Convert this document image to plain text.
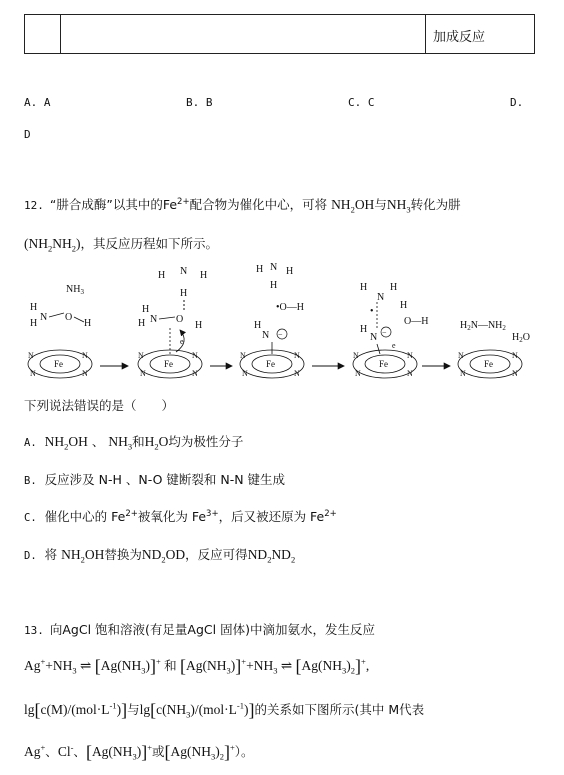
加成反应
A. A	B. B	C. C	D.
D
12. “肼合成酶”以其中的$Fe^{2+}$配合物为催化中心，可将 $NH_2OH$与$NH_3$转化为肼
$(NH_2NH_2)$，其反应历程如下所示。
$NH_3$
H
H
N O
H
H N H
H
H
H N O
H
e
H N H
H
•O—H
H
N −
H
N
H
•
H
N −
e
H
O—H	$H_2N—NH_2$
$H_2O$
Fe
N	N
N	N
Fe
N	N
N	N
Fe
N	N
N	N
Fe
N	N
N	N
Fe
N	N
N	N
下列说法错误的是（　　）
A. $NH_2OH$ 、 $NH_3$和$H_2O$均为极性分子
B. 反应涉及 N-H 、N-O 键断裂和 N-N 键生成
C. 催化中心的 $Fe^{2+}$被氧化为 $Fe^{3+}$，后又被还原为 $Fe^{2+}$
D. 将 $NH_2OH$替换为$ND_2OD$，反应可得$ND_2ND_2$
13. 向AgCl 饱和溶液(有足量AgCl 固体)中滴加氨水，发生反应
$Ag^++NH_3$ ⇌ $[Ag(NH_3)]^+$ 和 $[Ag(NH_3)]^++NH_3$ ⇌ $[Ag(NH_3)_2]^+$,
$\lg[c(M)/(mol\cdot L^{-1})]$与$\lg[c(NH_3)/(mol\cdot L^{-1})]$的关系如下图所示(其中 M代表
Ag+、Cl-、$[Ag(NH_3)]^+$或$[Ag(NH_3)_2]^+$）。
